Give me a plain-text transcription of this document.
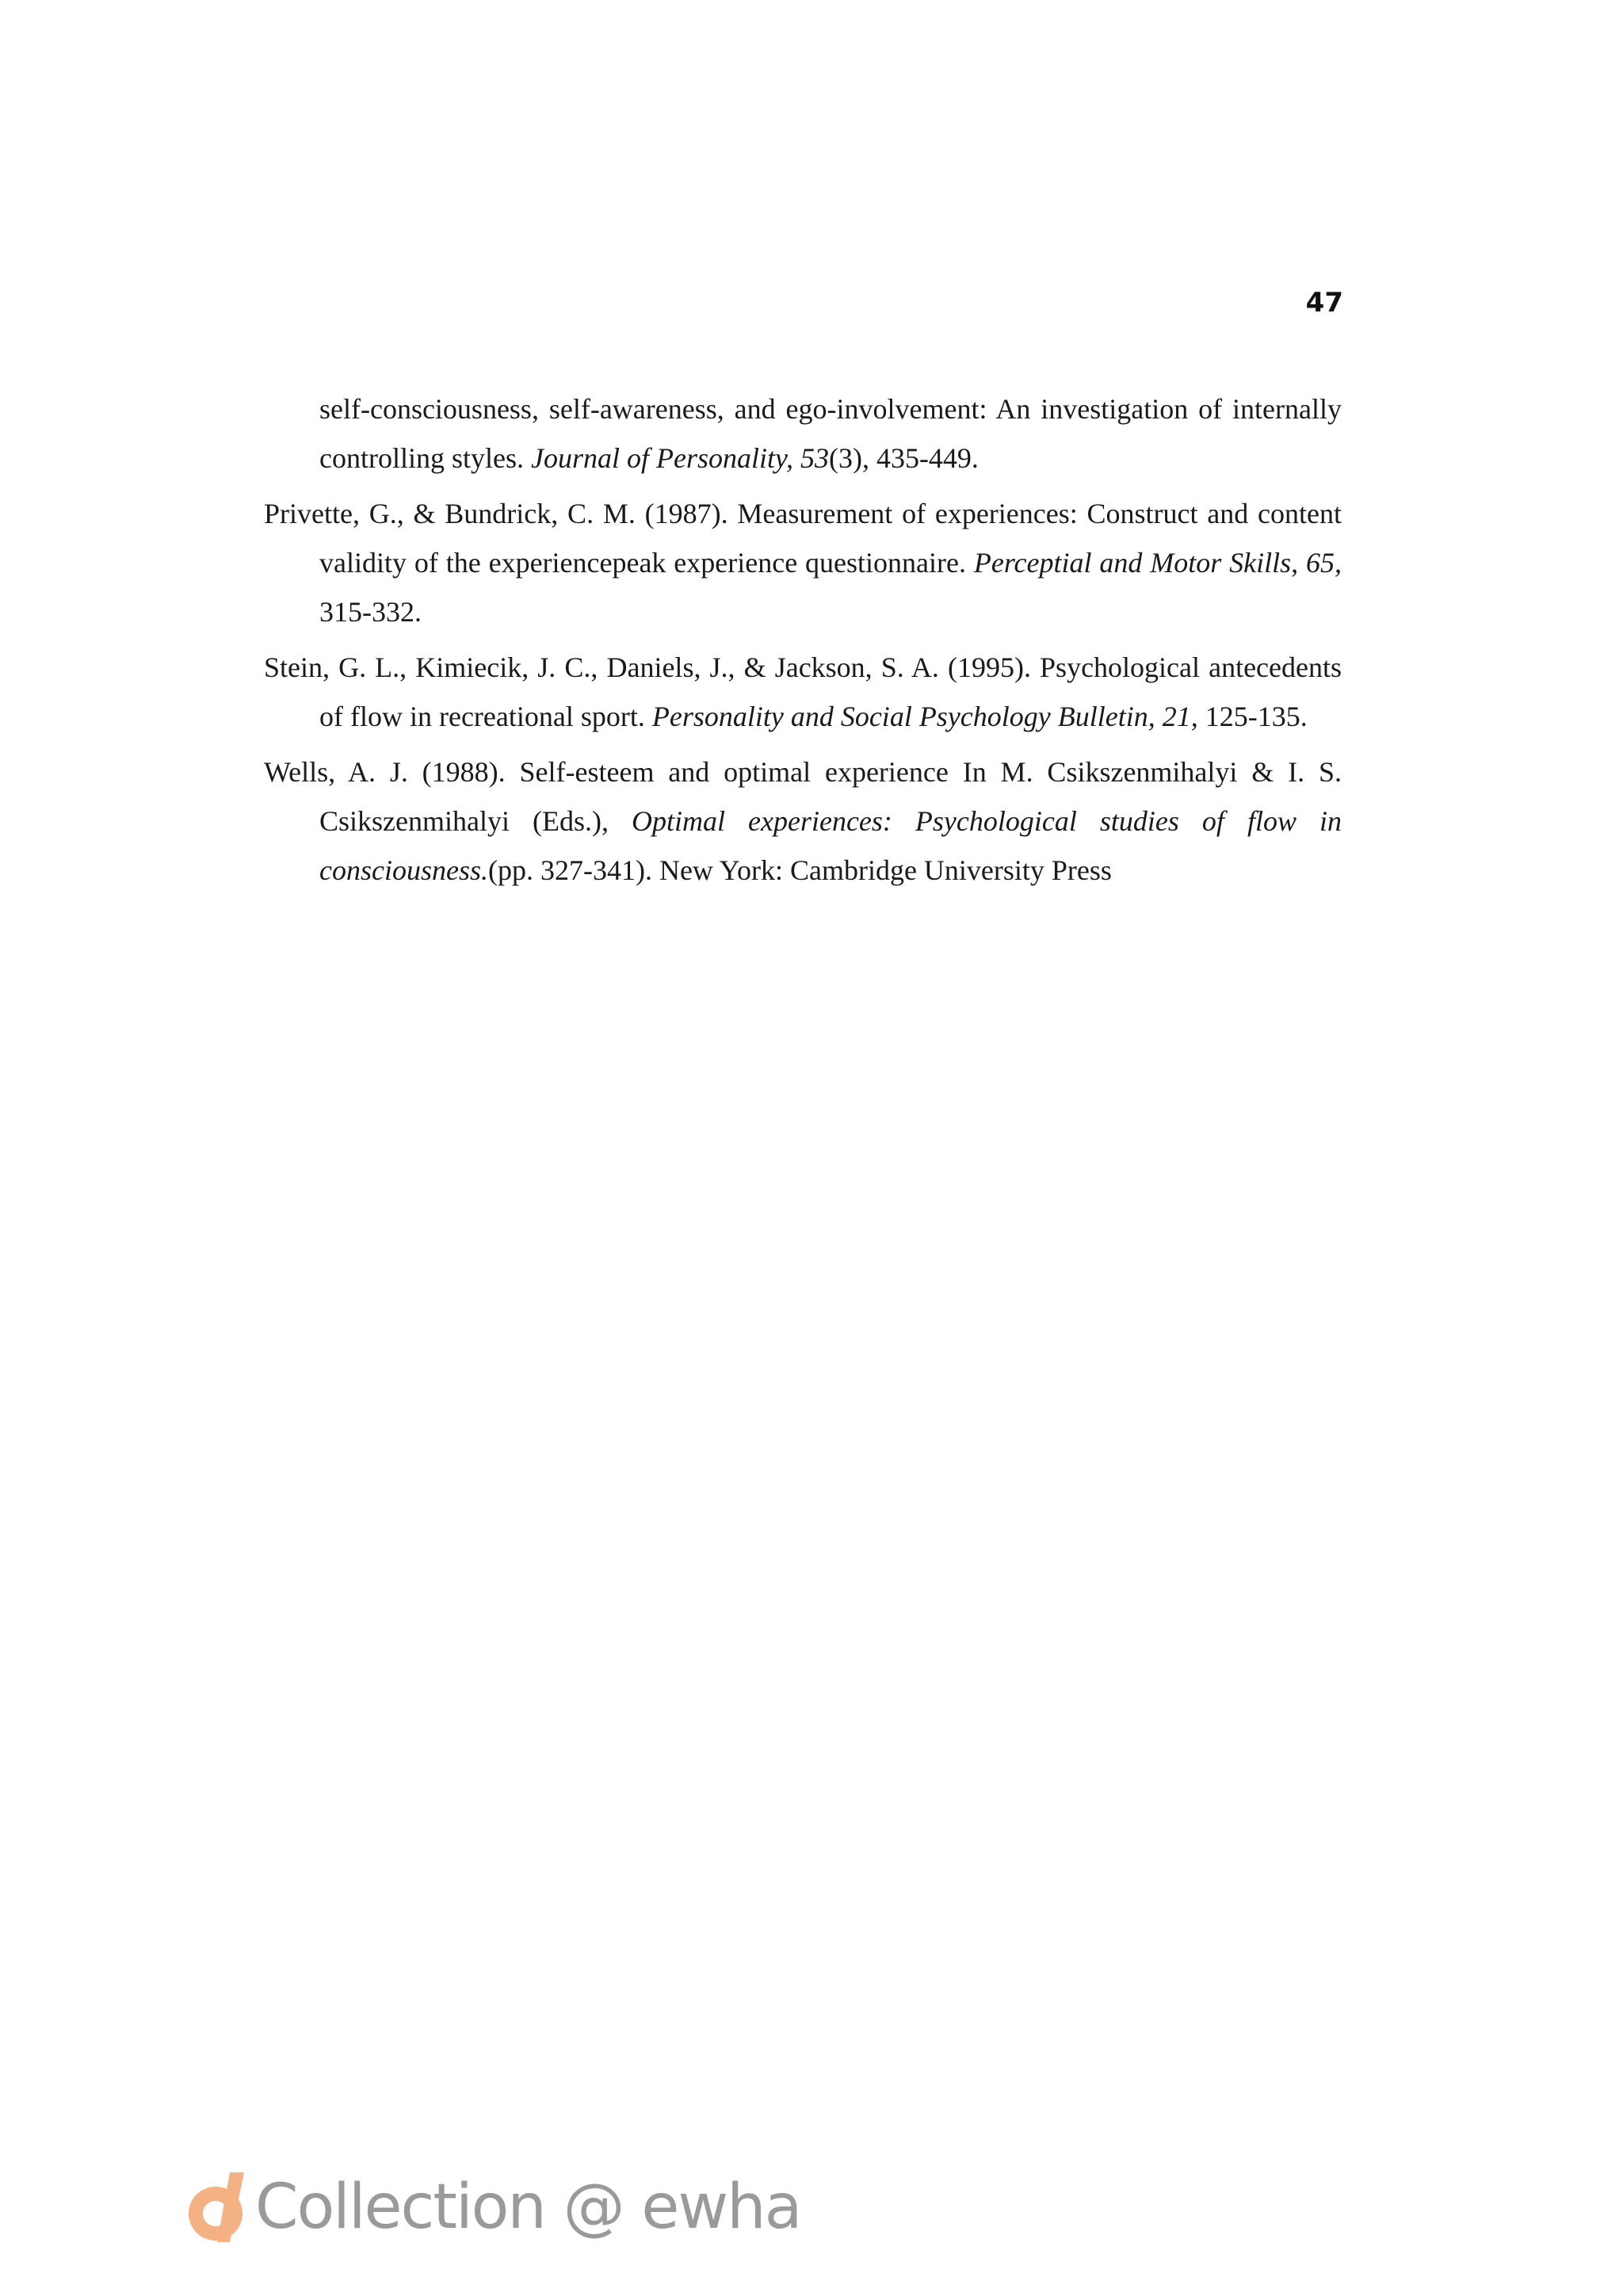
47

self-consciousness, self-awareness, and ego-involvement: An investigation of internally controlling styles. Journal of Personality, 53(3), 435-449.

Privette, G., & Bundrick, C. M. (1987). Measurement of experiences: Construct and content validity of the experiencepeak experience questionnaire. Perceptial and Motor Skills, 65, 315-332.

Stein, G. L., Kimiecik, J. C., Daniels, J., & Jackson, S. A. (1995). Psychological antecedents of flow in recreational sport. Personality and Social Psychology Bulletin, 21, 125-135.

Wells, A. J. (1988). Self-esteem and optimal experience In M. Csikszenmihalyi & I. S. Csikszenmihalyi (Eds.), Optimal experiences: Psychological studies of flow in consciousness.(pp. 327-341). New York: Cambridge University Press

Collection @ ewha
